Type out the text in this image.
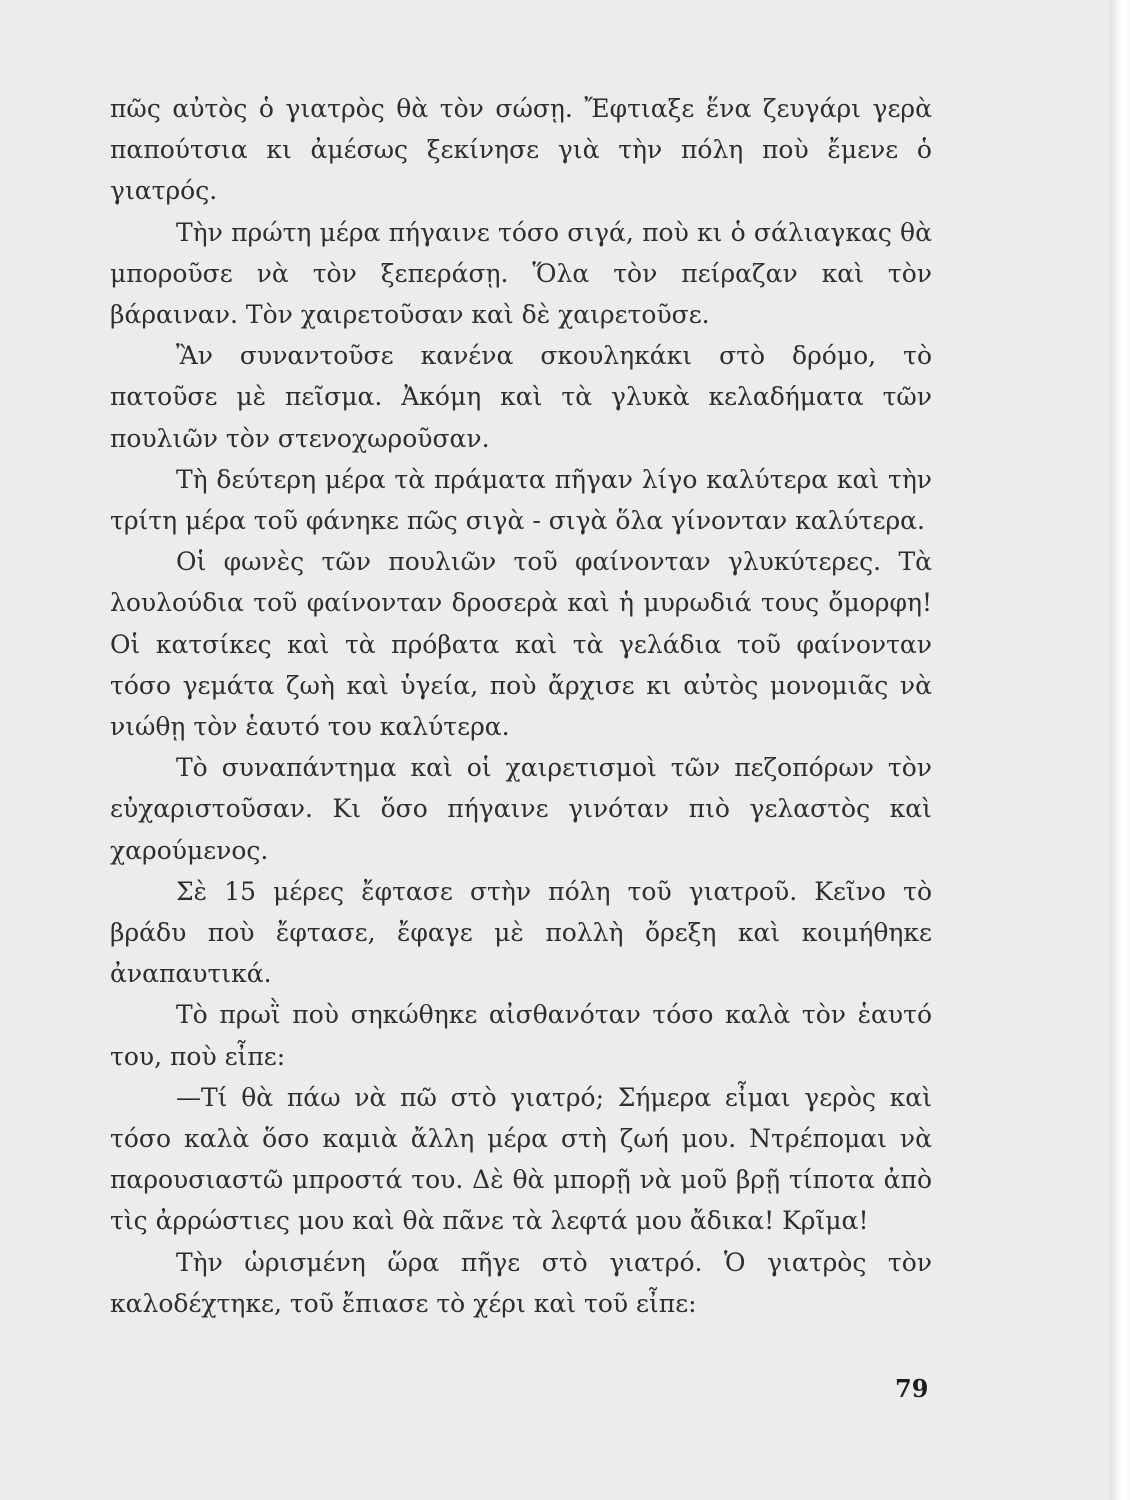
πῶς αὐτὸς ὁ γιατρὸς θὰ τὸν σώσῃ. Ἔφτιαξε ἕνα ζευγάρι γερὰ παπούτσια κι ἀμέσως ξεκίνησε γιὰ τὴν πόλη ποὺ ἔμενε ὁ γιατρός.

Τὴν πρώτη μέρα πήγαινε τόσο σιγά, ποὺ κι ὁ σάλιαγκας θὰ μποροῦσε νὰ τὸν ξεπεράσῃ. Ὅλα τὸν πείραζαν καὶ τὸν βάραιναν. Τὸν χαιρετοῦσαν καὶ δὲ χαιρετοῦσε.

Ἂν συναντοῦσε κανένα σκουληκάκι στὸ δρόμο, τὸ πατοῦσε μὲ πεῖσμα. Ἀκόμη καὶ τὰ γλυκὰ κελαδήματα τῶν πουλιῶν τὸν στενοχωροῦσαν.

Τὴ δεύτερη μέρα τὰ πράματα πῆγαν λίγο καλύτερα καὶ τὴν τρίτη μέρα τοῦ φάνηκε πῶς σιγὰ - σιγὰ ὅλα γίνονταν καλύτερα.

Οἱ φωνὲς τῶν πουλιῶν τοῦ φαίνονταν γλυκύτερες. Τὰ λουλούδια τοῦ φαίνονταν δροσερὰ καὶ ἡ μυρωδιά τους ὄμορφη! Οἱ κατσίκες καὶ τὰ πρόβατα καὶ τὰ γελάδια τοῦ φαίνονταν τόσο γεμάτα ζωὴ καὶ ὑγεία, ποὺ ἄρχισε κι αὐτὸς μονομιᾶς νὰ νιώθῃ τὸν ἑαυτό του καλύτερα.

Τὸ συναπάντημα καὶ οἱ χαιρετισμοὶ τῶν πεζοπόρων τὸν εὐχαριστοῦσαν. Κι ὅσο πήγαινε γινόταν πιὸ γελαστὸς καὶ χαρούμενος.

Σὲ 15 μέρες ἔφτασε στὴν πόλη τοῦ γιατροῦ. Κεῖνο τὸ βράδυ ποὺ ἔφτασε, ἔφαγε μὲ πολλὴ ὄρεξη καὶ κοιμήθηκε ἀναπαυτικά.

Τὸ πρωῒ ποὺ σηκώθηκε αἰσθανόταν τόσο καλὰ τὸν ἑαυτό του, ποὺ εἶπε:

—Τί θὰ πάω νὰ πῶ στὸ γιατρό; Σήμερα εἶμαι γερὸς καὶ τόσο καλὰ ὅσο καμιὰ ἄλλη μέρα στὴ ζωή μου. Ντρέπομαι νὰ παρουσιαστῶ μπροστά του. Δὲ θὰ μπορῇ νὰ μοῦ βρῇ τίποτα ἀπὸ τὶς ἀρρώστιες μου καὶ θὰ πᾶνε τὰ λεφτά μου ἄδικα! Κρῖμα!

Τὴν ὡρισμένη ὥρα πῆγε στὸ γιατρό. Ὁ γιατρὸς τὸν καλοδέχτηκε, τοῦ ἔπιασε τὸ χέρι καὶ τοῦ εἶπε:

79
